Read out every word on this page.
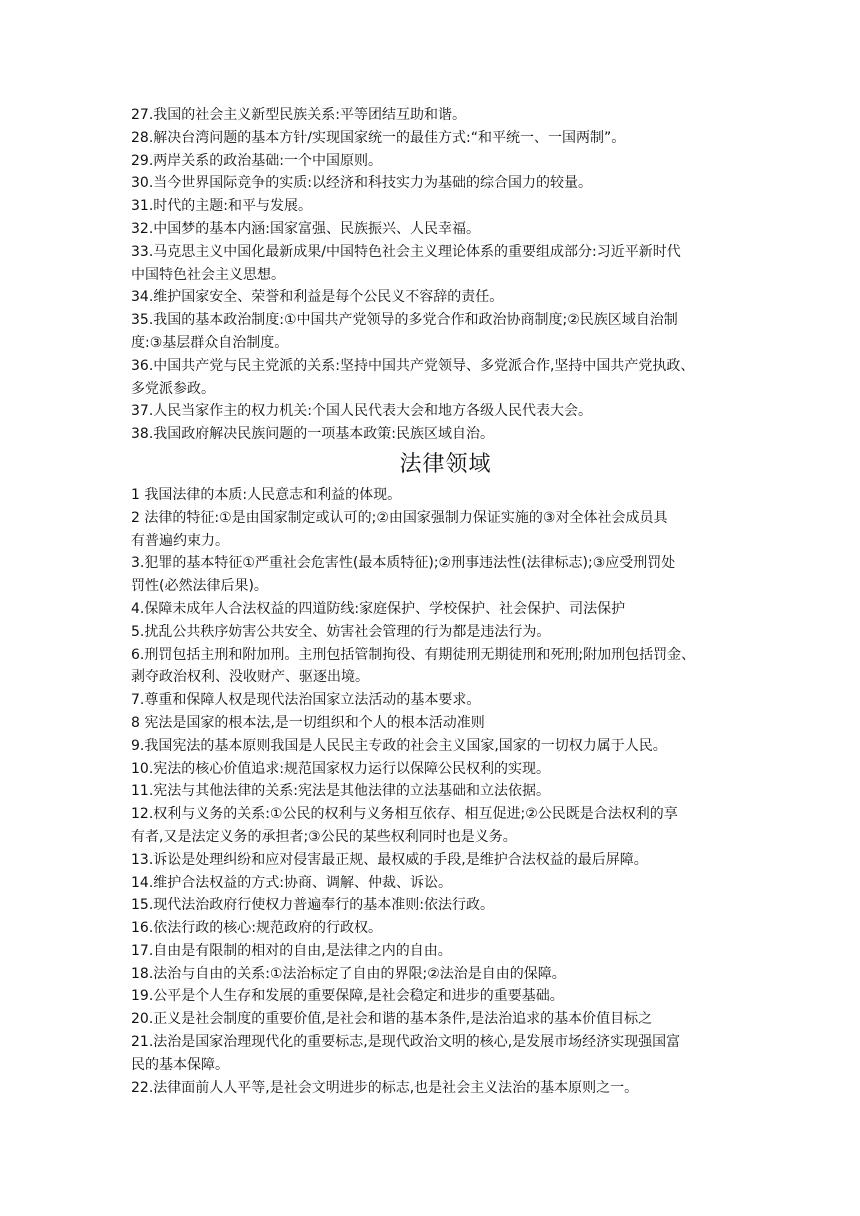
27.我国的社会主义新型民族关系:平等团结互助和谐。
28.解决台湾问题的基本方针/实现国家统一的最佳方式:“和平统一、一国两制”。
29.两岸关系的政治基础:一个中国原则。
30.当今世界国际竞争的实质:以经济和科技实力为基础的综合国力的较量。
31.时代的主题:和平与发展。
32.中国梦的基本内涵:国家富强、民族振兴、人民幸福。
33.马克思主义中国化最新成果/中国特色社会主义理论体系的重要组成部分:习近平新时代
中国特色社会主义思想。
34.维护国家安全、荣誉和利益是每个公民义不容辞的责任。
35.我国的基本政治制度:①中国共产党领导的多党合作和政治协商制度;②民族区域自治制
度:③基层群众自治制度。
36.中国共产党与民主党派的关系:坚持中国共产党领导、多党派合作,坚持中国共产党执政、
多党派参政。
37.人民当家作主的权力机关:个国人民代表大会和地方各级人民代表大会。
38.我国政府解决民族问题的一项基本政策:民族区域自治。
法律领域
1 我国法律的本质:人民意志和利益的体现。
2 法律的特征:①是由国家制定或认可的;②由国家强制力保证实施的③对全体社会成员具
有普遍约束力。
3.犯罪的基本特征①严重社会危害性(最本质特征);②刑事违法性(法律标志);③应受刑罚处
罚性(必然法律后果)。
4.保障未成年人合法权益的四道防线:家庭保护、学校保护、社会保护、司法保护
5.扰乱公共秩序妨害公共安全、妨害社会管理的行为都是违法行为。
6.刑罚包括主刑和附加刑。主刑包括管制拘役、有期徒刑无期徒刑和死刑;附加刑包括罚金、
剥夺政治权利、没收财产、驱逐出境。
7.尊重和保障人权是现代法治国家立法活动的基本要求。
8 宪法是国家的根本法,是一切组织和个人的根本活动准则
9.我国宪法的基本原则我国是人民民主专政的社会主义国家,国家的一切权力属于人民。
10.宪法的核心价值追求:规范国家权力运行以保障公民权利的实现。
11.宪法与其他法律的关系:宪法是其他法律的立法基础和立法依据。
12.权利与义务的关系:①公民的权利与义务相互依存、相互促进;②公民既是合法权利的享
有者,又是法定义务的承担者;③公民的某些权利同时也是义务。
13.诉讼是处理纠纷和应对侵害最正规、最权威的手段,是维护合法权益的最后屏障。
14.维护合法权益的方式:协商、调解、仲裁、诉讼。
15.现代法治政府行使权力普遍奉行的基本准则:依法行政。
16.依法行政的核心:规范政府的行政权。
17.自由是有限制的相对的自由,是法律之内的自由。
18.法治与自由的关系:①法治标定了自由的界限;②法治是自由的保障。
19.公平是个人生存和发展的重要保障,是社会稳定和进步的重要基础。
20.正义是社会制度的重要价值,是社会和谐的基本条件,是法治追求的基本价值目标之
21.法治是国家治理现代化的重要标志,是现代政治文明的核心,是发展市场经济实现强国富
民的基本保障。
22.法律面前人人平等,是社会文明进步的标志,也是社会主义法治的基本原则之一。
